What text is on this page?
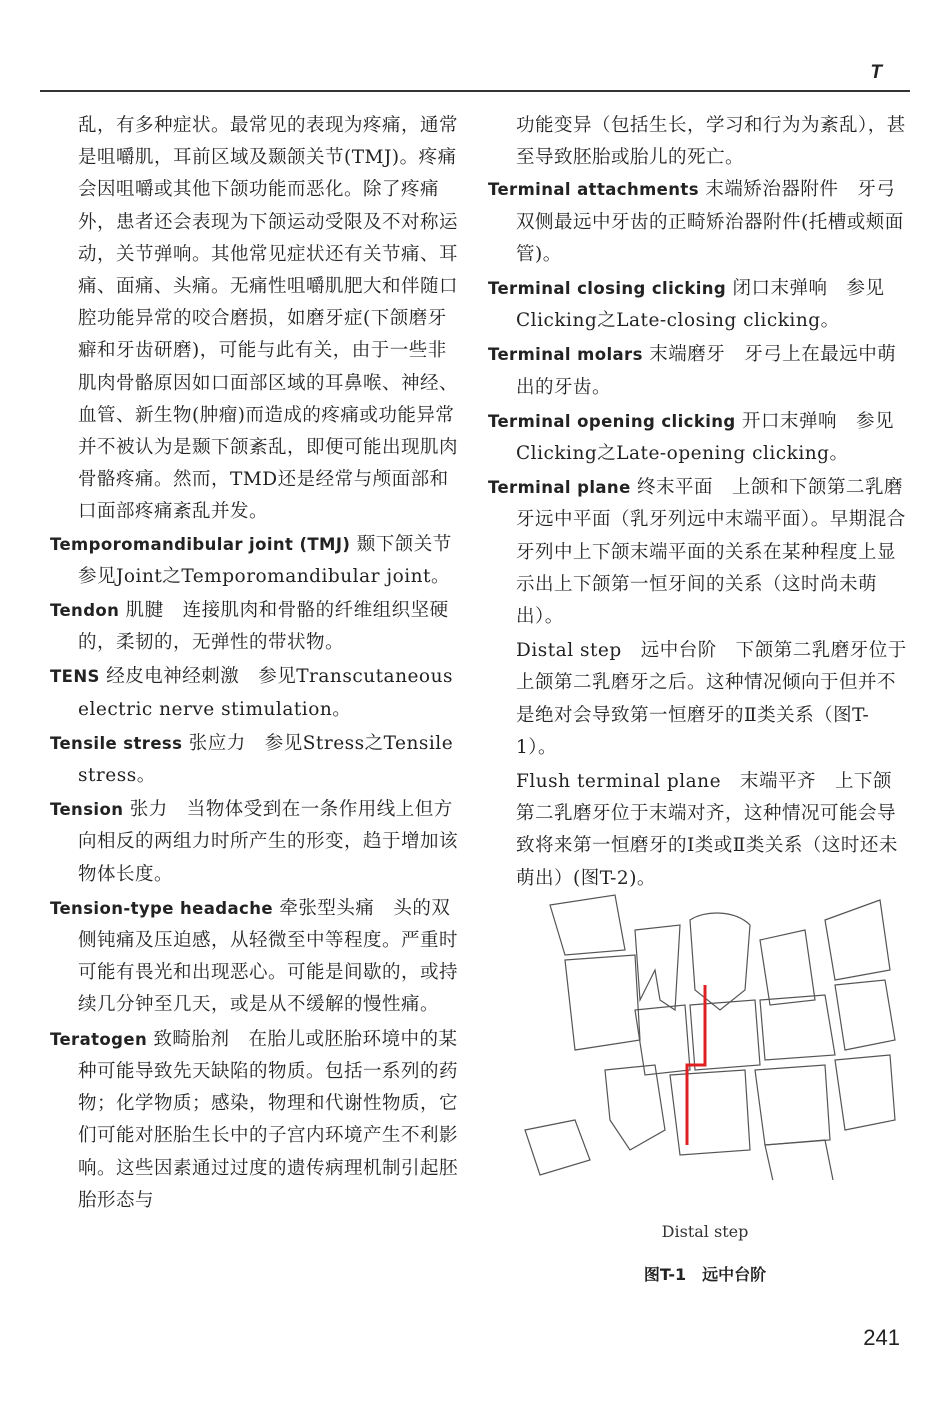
T

乱，有多种症状。最常见的表现为疼痛，通常是咀嚼肌，耳前区域及颞颌关节(TMJ)。疼痛会因咀嚼或其他下颌功能而恶化。除了疼痛外，患者还会表现为下颌运动受限及不对称运动，关节弹响。其他常见症状还有关节痛、耳痛、面痛、头痛。无痛性咀嚼肌肥大和伴随口腔功能异常的咬合磨损，如磨牙症(下颌磨牙癖和牙齿研磨)，可能与此有关，由于一些非肌肉骨骼原因如口面部区域的耳鼻喉、神经、血管、新生物(肿瘤)而造成的疼痛或功能异常并不被认为是颞下颌紊乱，即便可能出现肌肉骨骼疼痛。然而，TMD还是经常与颅面部和口面部疼痛紊乱并发。

Temporomandibular joint (TMJ) 颞下颌关节　参见Joint之Temporomandibular joint。

Tendon 肌腱　连接肌肉和骨骼的纤维组织坚硬的，柔韧的，无弹性的带状物。

TENS 经皮电神经刺激　参见Transcutaneous electric nerve stimulation。

Tensile stress 张应力　参见Stress之Tensile stress。

Tension 张力　当物体受到在一条作用线上但方向相反的两组力时所产生的形变，趋于增加该物体长度。

Tension-type headache 牵张型头痛　头的双侧钝痛及压迫感，从轻微至中等程度。严重时可能有畏光和出现恶心。可能是间歇的，或持续几分钟至几天，或是从不缓解的慢性痛。

Teratogen 致畸胎剂　在胎儿或胚胎环境中的某种可能导致先天缺陷的物质。包括一系列的药物；化学物质；感染，物理和代谢性物质，它们可能对胚胎生长中的子宫内环境产生不利影响。这些因素通过过度的遗传病理机制引起胚胎形态与

功能变异（包括生长，学习和行为为紊乱），甚至导致胚胎或胎儿的死亡。

Terminal attachments 末端矫治器附件　牙弓双侧最远中牙齿的正畸矫治器附件(托槽或颊面管)。

Terminal closing clicking 闭口末弹响　参见Clicking之Late-closing clicking。

Terminal molars 末端磨牙　牙弓上在最远中萌出的牙齿。

Terminal opening clicking 开口末弹响　参见Clicking之Late-opening clicking。

Terminal plane 终末平面　上颌和下颌第二乳磨牙远中平面（乳牙列远中末端平面）。早期混合牙列中上下颌末端平面的关系在某种程度上显示出上下颌第一恒牙间的关系（这时尚未萌出）。

Distal step　远中台阶　下颌第二乳磨牙位于上颌第二乳磨牙之后。这种情况倾向于但并不是绝对会导致第一恒磨牙的Ⅱ类关系（图T-1）。

Flush terminal plane　末端平齐　上下颌第二乳磨牙位于末端对齐，这种情况可能会导致将来第一恒磨牙的Ⅰ类或Ⅱ类关系（这时还未萌出）(图T-2)。

Distal step
图T-1　远中台阶
241
